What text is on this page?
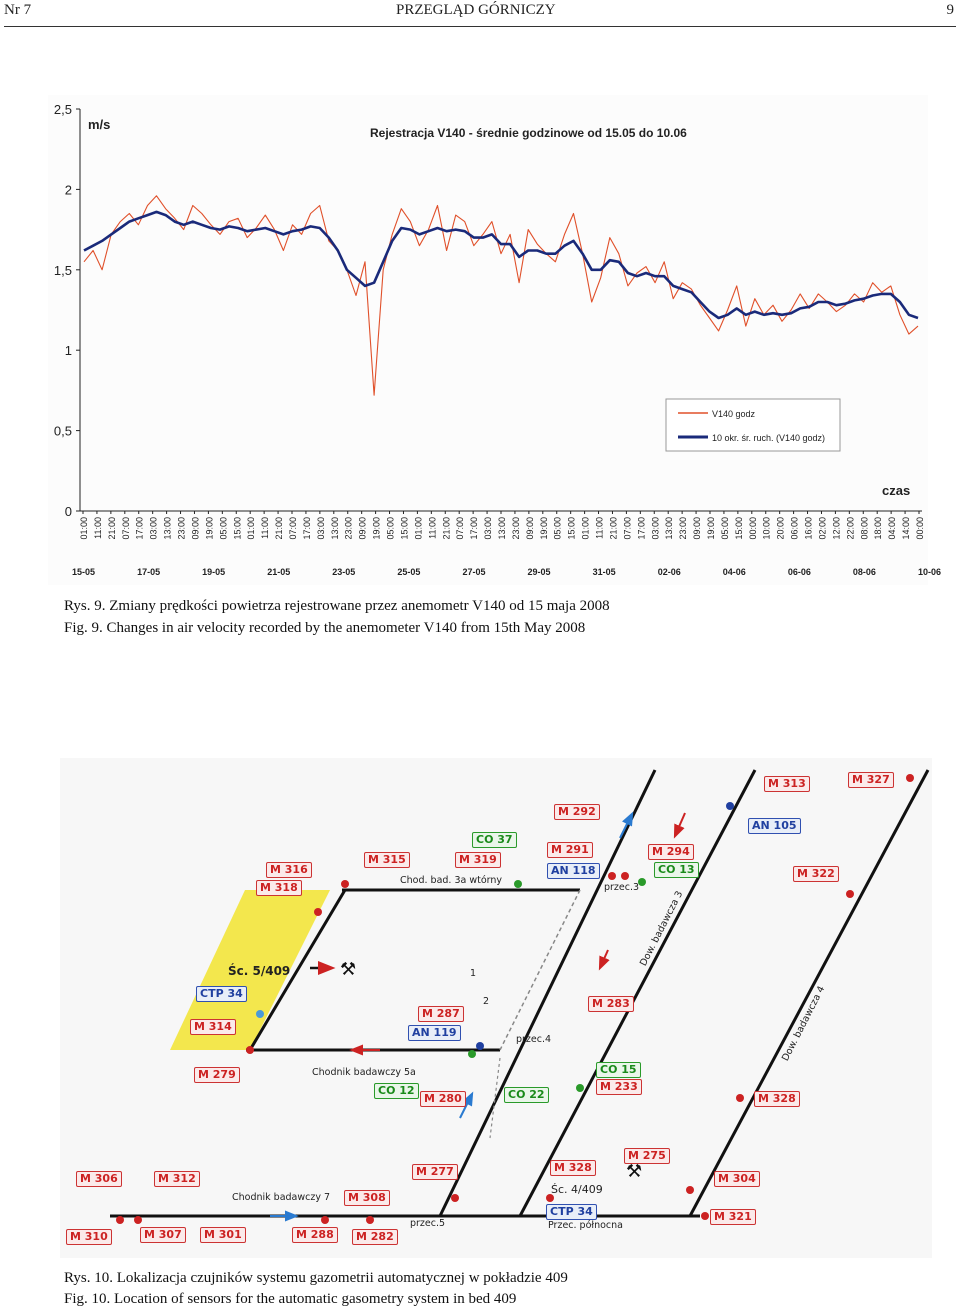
Nr 7	PRZEGLĄD GÓRNICZY	9
2,5
2
1,5
1
0,5
0
m/s
Rejestracja V140 - średnie godzinowe od 15.05 do 10.06
czas
01:00 11:00 21:00 07:00 17:00 03:00 13:00 23:00 09:00 19:00 05:00 15:00 01:00 11:00 21:00 07:00 17:00 03:00 13:00 23:00 09:00 19:00 05:00 15:00 01:00 11:00 21:00 07:00 17:00 03:00 13:00 23:00 09:00 19:00 05:00 15:00 01:00 11:00 21:00 07:00 17:00 03:00 13:00 23:00 09:00 19:00 05:00 15:00 00:00 10:00 20:00 06:00 16:00 02:00 12:00 22:00 08:00 18:00 04:00 14:00 00:00
15-05	17-05	19-05	21-05	23-05	25-05	27-05	29-05	31-05	02-06	04-06	06-06	08-06	10-06
V140 godz
10 okr. śr. ruch. (V140 godz)
Rys. 9. Zmiany prędkości powietrza rejestrowane przez anemometr V140 od 15 maja 2008
Fig. 9. Changes in air velocity recorded by the anemometer V140 from 15th May 2008
M 313	M 327
M 292
AN 105
CO 37
M 291	M 294
M 316
M 315	M 319
AN 118	CO 13
M 318
M 322
CTP 34
M 287
M 283
M 314	AN 119
M 279	CO 15
M 233
CO 12
M 280	CO 22	M 328
M 275
M 306	M 312
M 277	M 328
M 304
M 308
CTP 34	M 321
M 310	M 307	M 301	M 288	M 282
Chod. bad. 3a wtórny
przec.3
Śc. 5/409	⚒	1
2
przec.4
Dow. badawcza 3
Dow. badawcza 4
Chodnik badawczy 5a
Chodnik badawczy 7
przec.5
⚒
Śc. 4/409
Przec. północna
Rys. 10. Lokalizacja czujników systemu gazometrii automatycznej w pokładzie 409
Fig. 10. Location of sensors for the automatic gasometry system in bed 409
